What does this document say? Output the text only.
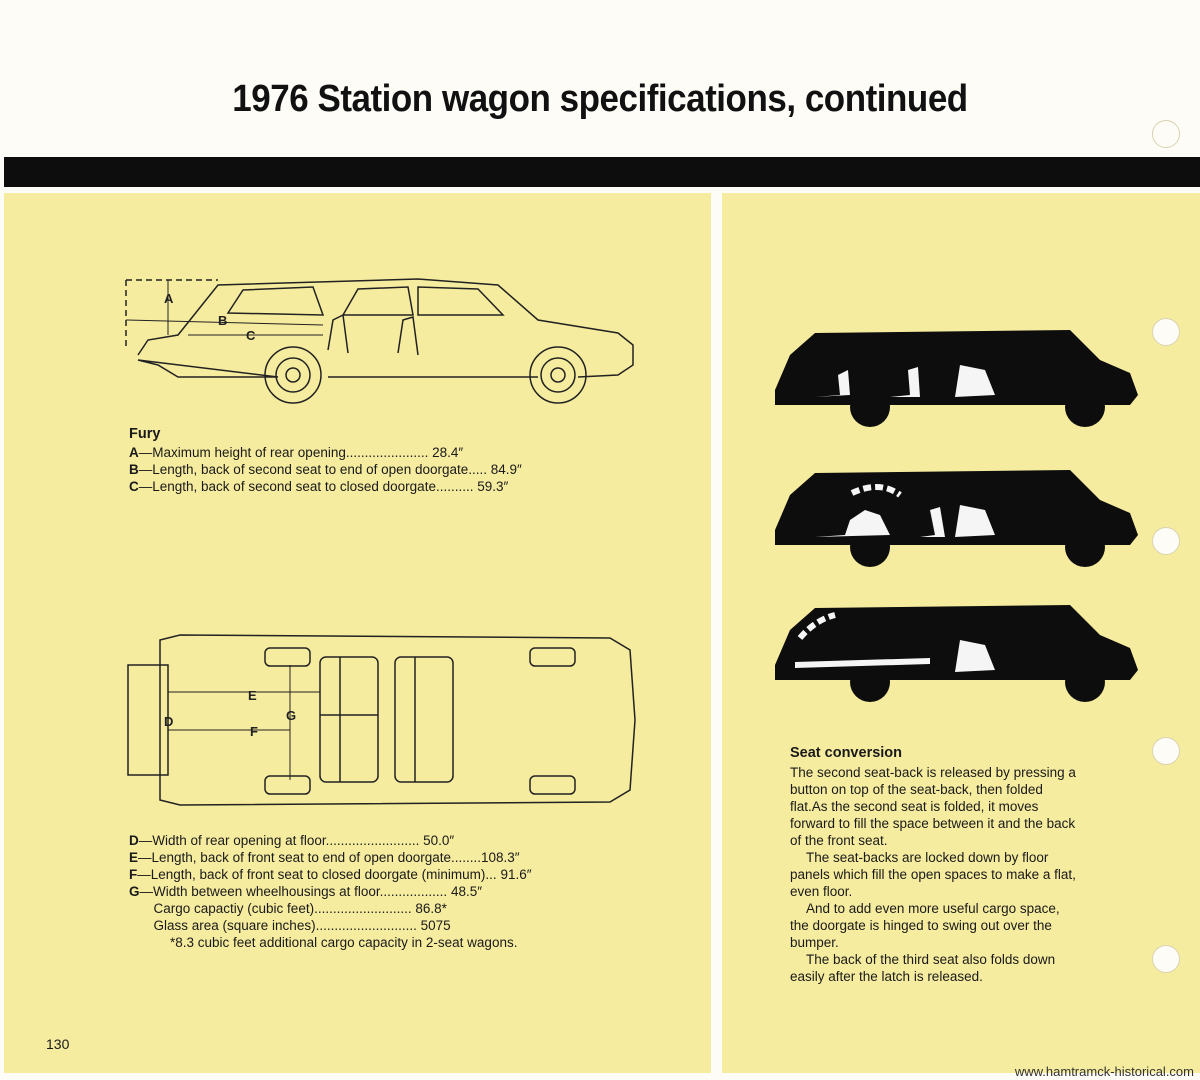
1976 Station wagon specifications, continued
A
B
C
Fury
A—Maximum height of rear opening...................... 28.4″
B—Length, back of second seat to end of open doorgate..... 84.9″
C—Length, back of second seat to closed doorgate.......... 59.3″
E
F
G
D
D—Width of rear opening at floor......................... 50.0″
E—Length, back of front seat to end of open doorgate........108.3″
F—Length, back of front seat to closed doorgate (minimum)... 91.6″
G—Width between wheelhousings at floor.................. 48.5″
Cargo capactiy (cubic feet).......................... 86.8*
Glass area (square inches)........................... 5075
*8.3 cubic feet additional cargo capacity in 2-seat wagons.
Seat conversion

The second seat-back is released by pressing a button on top of the seat-back, then folded flat.As the second seat is folded, it moves forward to fill the space between it and the back of the front seat.

The seat-backs are locked down by floor panels which fill the open spaces to make a flat, even floor.

And to add even more useful cargo space, the doorgate is hinged to swing out over the bumper.

The back of the third seat also folds down easily after the latch is released.

130
www.hamtramck-historical.com
